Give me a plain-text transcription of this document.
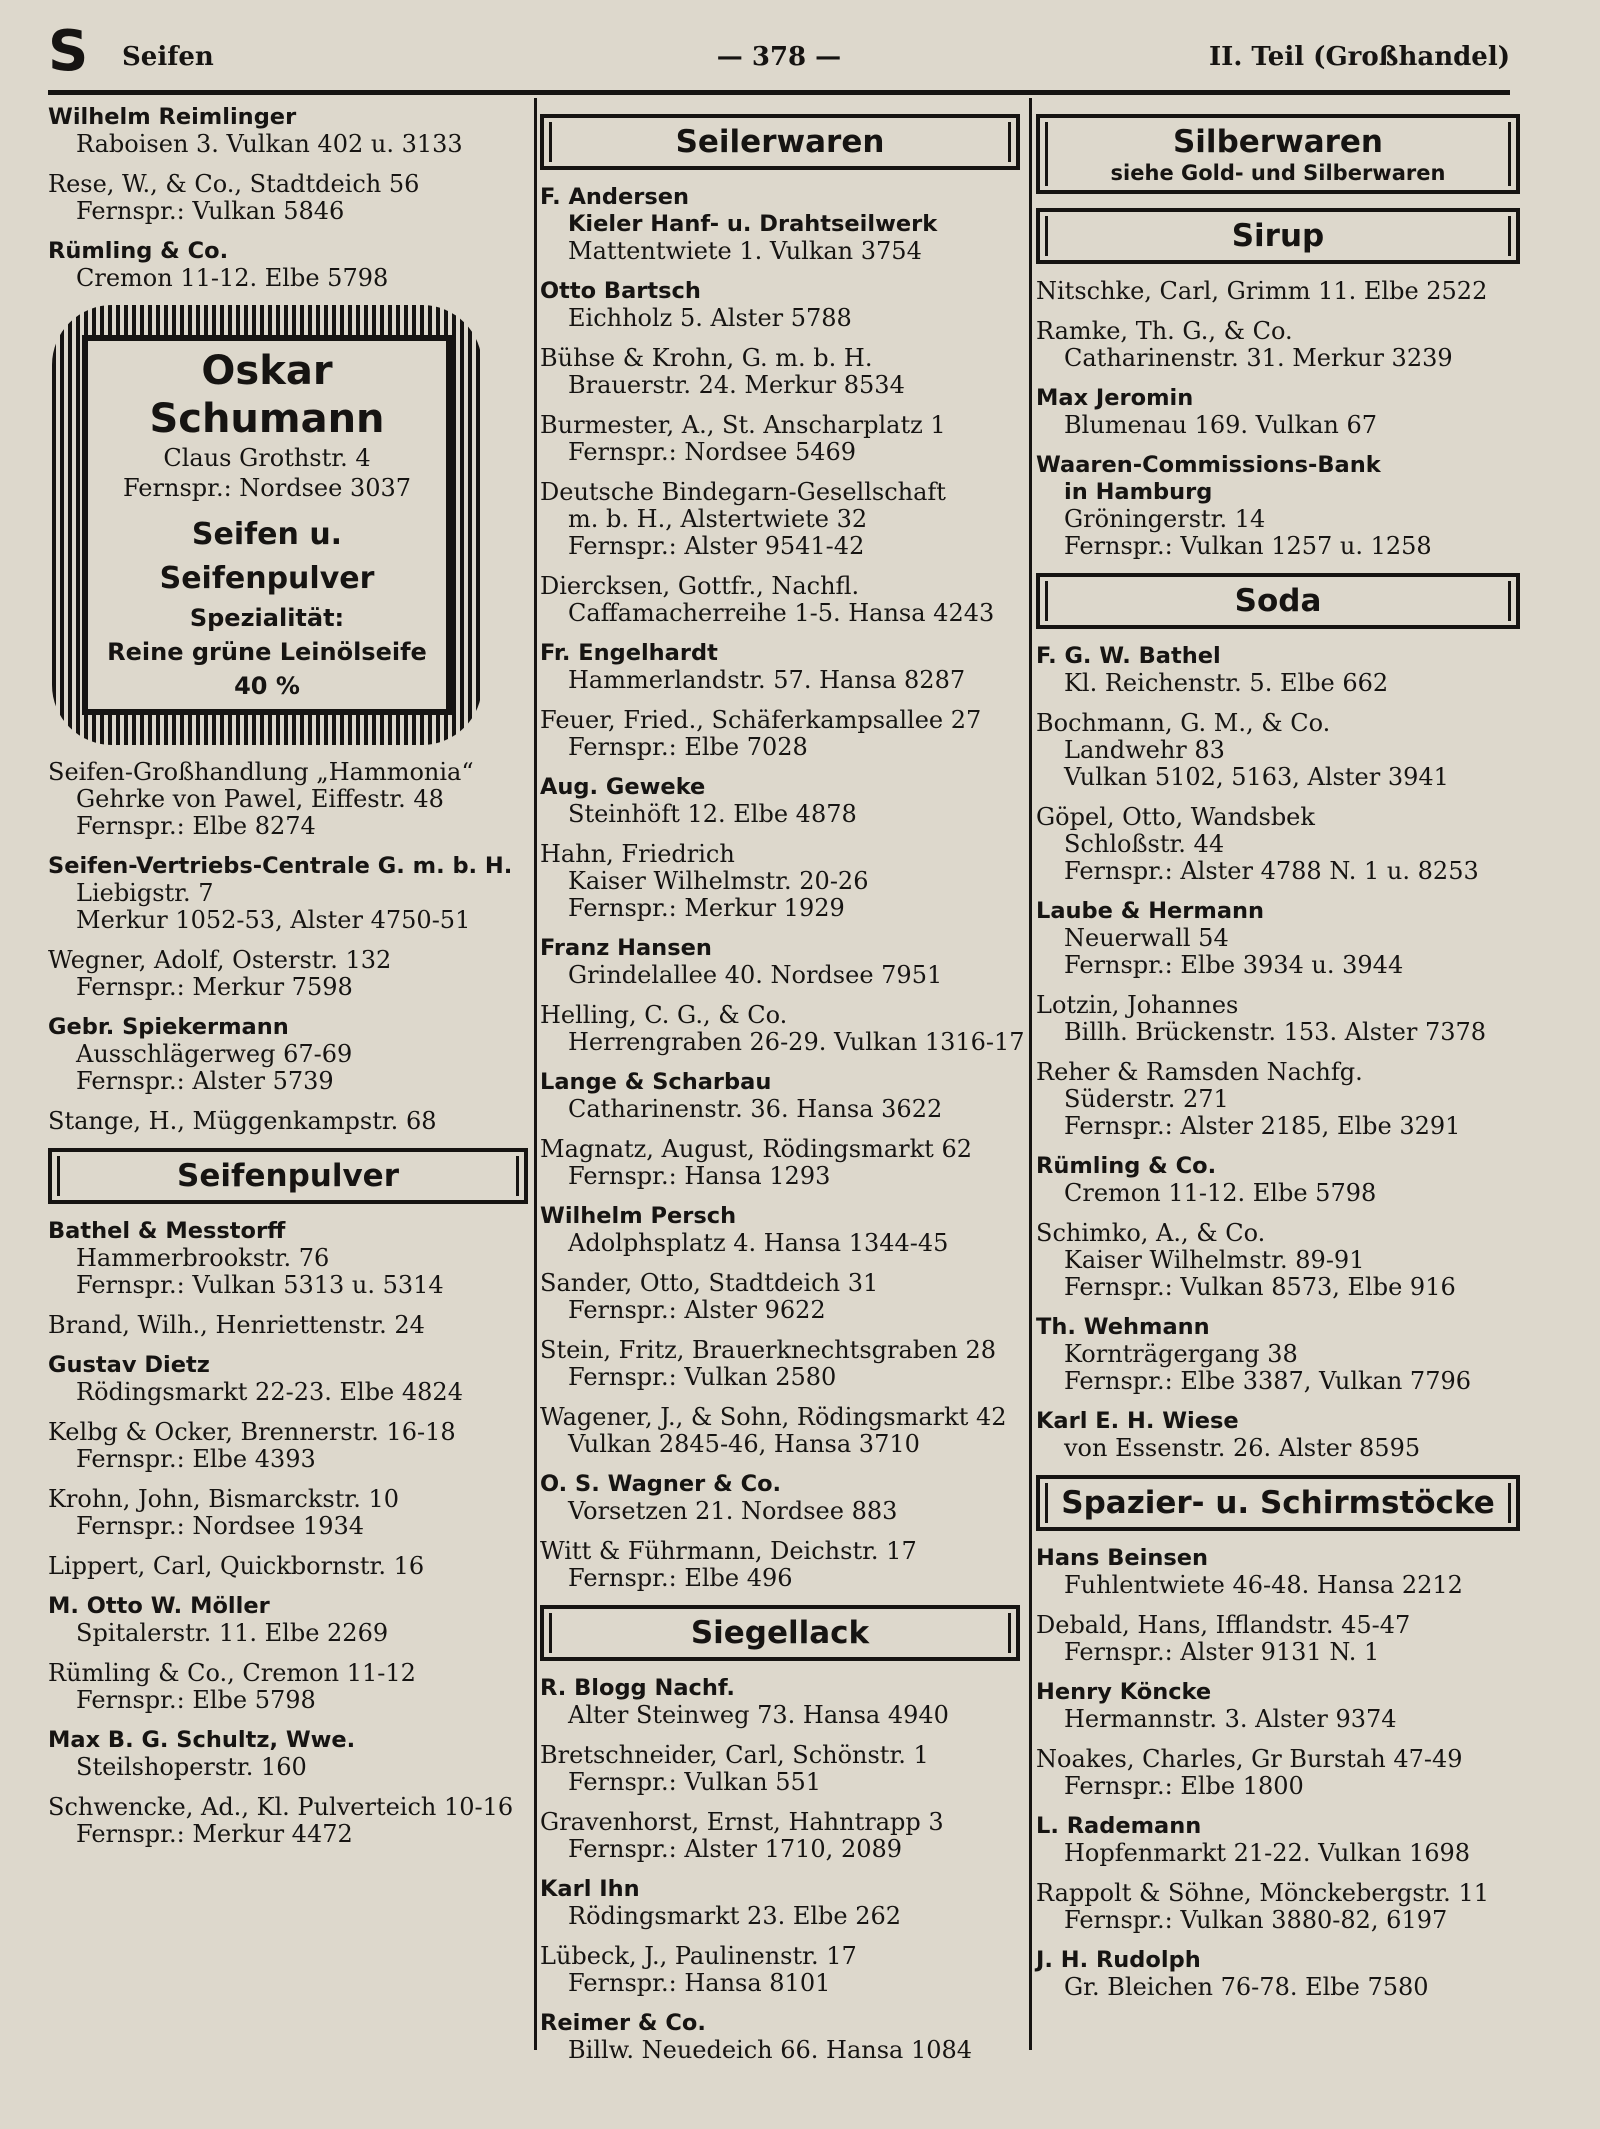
S Seifen	— 378 —	II. Teil (Großhandel)
Wilhelm Reimlinger
Raboisen 3. Vulkan 402 u. 3133
Rese, W., & Co., Stadtdeich 56
Fernspr.: Vulkan 5846
Rümling & Co.
Cremon 11-12. Elbe 5798
Oskar Schumann
Claus Grothstr. 4
Fernspr.: Nordsee 3037
Seifen u. Seifenpulver
Spezialität:
Reine grüne Leinölseife
40 %
Seifen-Großhandlung „Hammonia“
Gehrke von Pawel, Eiffestr. 48
Fernspr.: Elbe 8274
Seifen-Vertriebs-Centrale G. m. b. H.
Liebigstr. 7
Merkur 1052-53, Alster 4750-51
Wegner, Adolf, Osterstr. 132
Fernspr.: Merkur 7598
Gebr. Spiekermann
Ausschlägerweg 67-69
Fernspr.: Alster 5739
Stange, H., Müggenkampstr. 68
Seifenpulver
Bathel & Messtorff
Hammerbrookstr. 76
Fernspr.: Vulkan 5313 u. 5314
Brand, Wilh., Henriettenstr. 24
Gustav Dietz
Rödingsmarkt 22-23. Elbe 4824
Kelbg & Ocker, Brennerstr. 16-18
Fernspr.: Elbe 4393
Krohn, John, Bismarckstr. 10
Fernspr.: Nordsee 1934
Lippert, Carl, Quickbornstr. 16
M. Otto W. Möller
Spitalerstr. 11. Elbe 2269
Rümling & Co., Cremon 11-12
Fernspr.: Elbe 5798
Max B. G. Schultz, Wwe.
Steilshoperstr. 160
Schwencke, Ad., Kl. Pulverteich 10-16
Fernspr.: Merkur 4472
Seilerwaren
F. Andersen
Kieler Hanf- u. Drahtseilwerk
Mattentwiete 1. Vulkan 3754
Otto Bartsch
Eichholz 5. Alster 5788
Bühse & Krohn, G. m. b. H.
Brauerstr. 24. Merkur 8534
Burmester, A., St. Anscharplatz 1
Fernspr.: Nordsee 5469
Deutsche Bindegarn-Gesellschaft
m. b. H., Alstertwiete 32
Fernspr.: Alster 9541-42
Diercksen, Gottfr., Nachfl.
Caffamacherreihe 1-5. Hansa 4243
Fr. Engelhardt
Hammerlandstr. 57. Hansa 8287
Feuer, Fried., Schäferkampsallee 27
Fernspr.: Elbe 7028
Aug. Geweke
Steinhöft 12. Elbe 4878
Hahn, Friedrich
Kaiser Wilhelmstr. 20-26
Fernspr.: Merkur 1929
Franz Hansen
Grindelallee 40. Nordsee 7951
Helling, C. G., & Co.
Herrengraben 26-29. Vulkan 1316-17
Lange & Scharbau
Catharinenstr. 36. Hansa 3622
Magnatz, August, Rödingsmarkt 62
Fernspr.: Hansa 1293
Wilhelm Persch
Adolphsplatz 4. Hansa 1344-45
Sander, Otto, Stadtdeich 31
Fernspr.: Alster 9622
Stein, Fritz, Brauerknechtsgraben 28
Fernspr.: Vulkan 2580
Wagener, J., & Sohn, Rödingsmarkt 42
Vulkan 2845-46, Hansa 3710
O. S. Wagner & Co.
Vorsetzen 21. Nordsee 883
Witt & Führmann, Deichstr. 17
Fernspr.: Elbe 496
Siegellack
R. Blogg Nachf.
Alter Steinweg 73. Hansa 4940
Bretschneider, Carl, Schönstr. 1
Fernspr.: Vulkan 551
Gravenhorst, Ernst, Hahntrapp 3
Fernspr.: Alster 1710, 2089
Karl Ihn
Rödingsmarkt 23. Elbe 262
Lübeck, J., Paulinenstr. 17
Fernspr.: Hansa 8101
Reimer & Co.
Billw. Neuedeich 66. Hansa 1084
Silberwaren
siehe Gold- und Silberwaren
Sirup
Nitschke, Carl, Grimm 11. Elbe 2522
Ramke, Th. G., & Co.
Catharinenstr. 31. Merkur 3239
Max Jeromin
Blumenau 169. Vulkan 67
Waaren-Commissions-Bank
in Hamburg
Gröningerstr. 14
Fernspr.: Vulkan 1257 u. 1258
Soda
F. G. W. Bathel
Kl. Reichenstr. 5. Elbe 662
Bochmann, G. M., & Co.
Landwehr 83
Vulkan 5102, 5163, Alster 3941
Göpel, Otto, Wandsbek
Schloßstr. 44
Fernspr.: Alster 4788 N. 1 u. 8253
Laube & Hermann
Neuerwall 54
Fernspr.: Elbe 3934 u. 3944
Lotzin, Johannes
Billh. Brückenstr. 153. Alster 7378
Reher & Ramsden Nachfg.
Süderstr. 271
Fernspr.: Alster 2185, Elbe 3291
Rümling & Co.
Cremon 11-12. Elbe 5798
Schimko, A., & Co.
Kaiser Wilhelmstr. 89-91
Fernspr.: Vulkan 8573, Elbe 916
Th. Wehmann
Kornträgergang 38
Fernspr.: Elbe 3387, Vulkan 7796
Karl E. H. Wiese
von Essenstr. 26. Alster 8595
Spazier- u. Schirmstöcke
Hans Beinsen
Fuhlentwiete 46-48. Hansa 2212
Debald, Hans, Ifflandstr. 45-47
Fernspr.: Alster 9131 N. 1
Henry Köncke
Hermannstr. 3. Alster 9374
Noakes, Charles, Gr Burstah 47-49
Fernspr.: Elbe 1800
L. Rademann
Hopfenmarkt 21-22. Vulkan 1698
Rappolt & Söhne, Mönckebergstr. 11
Fernspr.: Vulkan 3880-82, 6197
J. H. Rudolph
Gr. Bleichen 76-78. Elbe 7580
